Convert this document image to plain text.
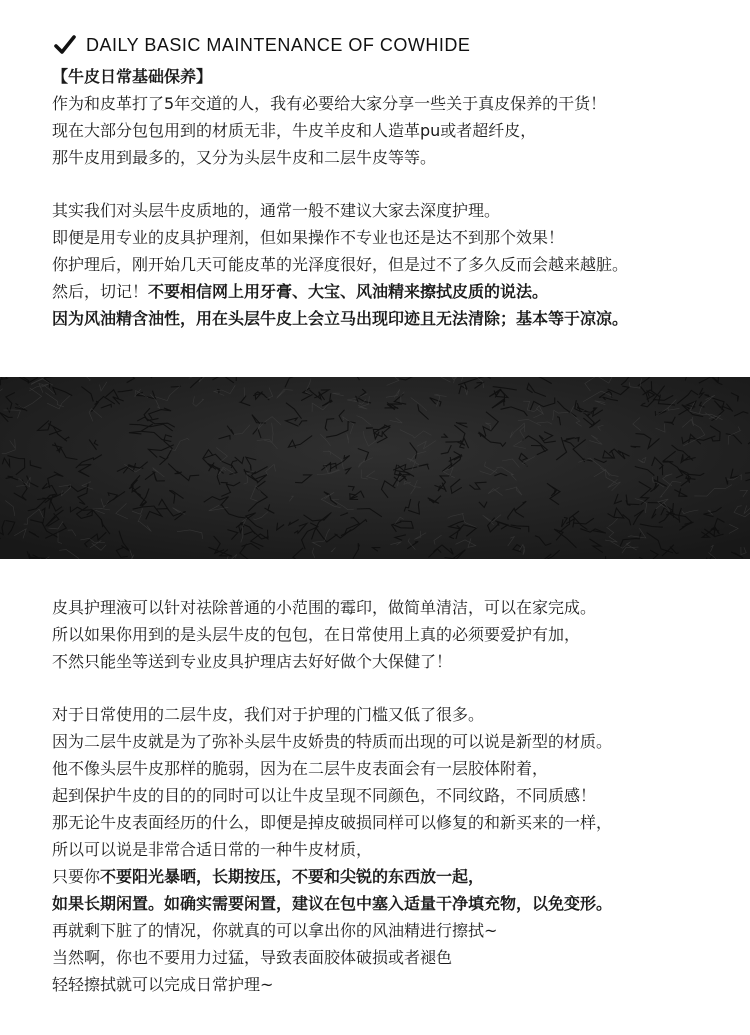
DAILY BASIC MAINTENANCE OF COWHIDE
【牛皮日常基础保养】
作为和皮革打了5年交道的人，我有必要给大家分享一些关于真皮保养的干货！
现在大部分包包用到的材质无非，牛皮羊皮和人造革pu或者超纤皮，
那牛皮用到最多的，又分为头层牛皮和二层牛皮等等。
其实我们对头层牛皮质地的，通常一般不建议大家去深度护理。
即便是用专业的皮具护理剂，但如果操作不专业也还是达不到那个效果！
你护理后，刚开始几天可能皮革的光泽度很好，但是过不了多久反而会越来越脏。
然后，切记！不要相信网上用牙膏、大宝、风油精来擦拭皮质的说法。
因为风油精含油性，用在头层牛皮上会立马出现印迹且无法清除；基本等于凉凉。
皮具护理液可以针对祛除普通的小范围的霉印，做简单清洁，可以在家完成。
所以如果你用到的是头层牛皮的包包，在日常使用上真的必须要爱护有加，
不然只能坐等送到专业皮具护理店去好好做个大保健了！
对于日常使用的二层牛皮，我们对于护理的门槛又低了很多。
因为二层牛皮就是为了弥补头层牛皮娇贵的特质而出现的可以说是新型的材质。
他不像头层牛皮那样的脆弱，因为在二层牛皮表面会有一层胶体附着，
起到保护牛皮的目的的同时可以让牛皮呈现不同颜色，不同纹路，不同质感！
那无论牛皮表面经历的什么，即便是掉皮破损同样可以修复的和新买来的一样，
所以可以说是非常合适日常的一种牛皮材质，
只要你不要阳光暴晒，长期按压，不要和尖锐的东西放一起，
如果长期闲置。如确实需要闲置，建议在包中塞入适量干净填充物，以免变形。
再就剩下脏了的情况，你就真的可以拿出你的风油精进行擦拭~
当然啊，你也不要用力过猛，导致表面胶体破损或者褪色
轻轻擦拭就可以完成日常护理~
